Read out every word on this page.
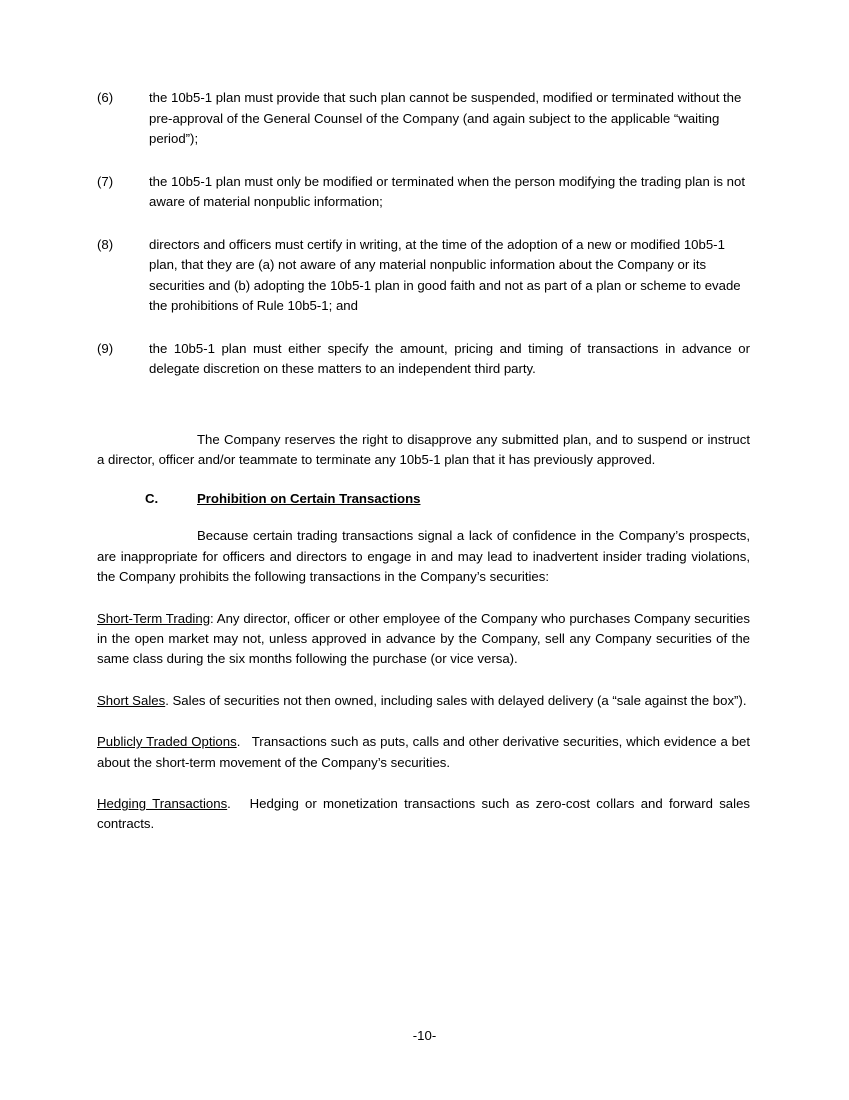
(6)	the 10b5-1 plan must provide that such plan cannot be suspended, modified or terminated without the pre-approval of the General Counsel of the Company (and again subject to the applicable “waiting period”);
(7)	the 10b5-1 plan must only be modified or terminated when the person modifying the trading plan is not aware of material nonpublic information;
(8)	directors and officers must certify in writing, at the time of the adoption of a new or modified 10b5-1 plan, that they are (a) not aware of any material nonpublic information about the Company or its securities and (b) adopting the 10b5-1 plan in good faith and not as part of a plan or scheme to evade the prohibitions of Rule 10b5-1; and
(9)	the 10b5-1 plan must either specify the amount, pricing and timing of transactions in advance or delegate discretion on these matters to an independent third party.

The Company reserves the right to disapprove any submitted plan, and to suspend or instruct a director, officer and/or teammate to terminate any 10b5-1 plan that it has previously approved.

C.	Prohibition on Certain Transactions

Because certain trading transactions signal a lack of confidence in the Company’s prospects, are inappropriate for officers and directors to engage in and may lead to inadvertent insider trading violations, the Company prohibits the following transactions in the Company’s securities:

Short-Term Trading: Any director, officer or other employee of the Company who purchases Company securities in the open market may not, unless approved in advance by the Company, sell any Company securities of the same class during the six months following the purchase (or vice versa).

Short Sales. Sales of securities not then owned, including sales with delayed delivery (a “sale against the box”).

Publicly Traded Options.   Transactions such as puts, calls and other derivative securities, which evidence a bet about the short-term movement of the Company’s securities.

Hedging Transactions.   Hedging or monetization transactions such as zero-cost collars and forward sales contracts.

-10-
